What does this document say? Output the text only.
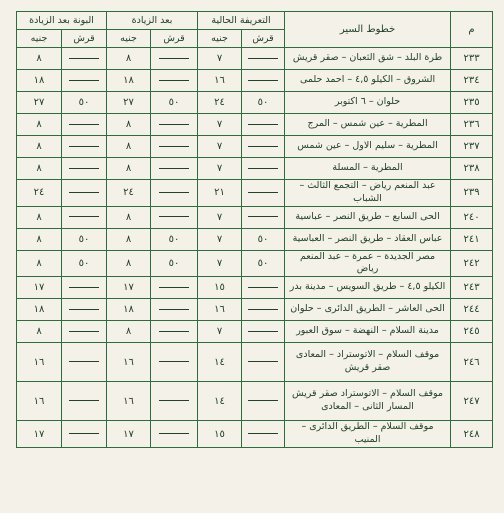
م	خطوط السير	التعريفة الحالية		بعد الزيادة		البونة بعد الزيادة	
		قرش	جنيه	قرش	جنيه	قرش	جنيه
٢٣٣	طرة البلد – شق الثعبان – صقر قريش		٧		٨		٨
٢٣٤	الشروق – الكيلو ٤,٥ – احمد حلمى		١٦		١٨		١٨
٢٣٥	حلوان – ٦ اكتوبر	٥٠	٢٤	٥٠	٢٧	٥٠	٢٧
٢٣٦	المطرية – عين شمس – المرج		٧		٨		٨
٢٣٧	المطرية – سليم الاول – عين شمس		٧		٨		٨
٢٣٨	المطرية – المسلة		٧		٨		٨
٢٣٩	عبد المنعم رياض – التجمع الثالث – الشباب		٢١		٢٤		٢٤
٢٤٠	الحى السابع – طريق النصر – عباسية		٧		٨		٨
٢٤١	عباس العقاد – طريق النصر – العباسية	٥٠	٧	٥٠	٨	٥٠	٨
٢٤٢	مصر الجديدة – عمرة – عبد المنعم رياض	٥٠	٧	٥٠	٨	٥٠	٨
٢٤٣	الكيلو ٤,٥ – طريق السويس – مدينة بدر		١٥		١٧		١٧
٢٤٤	الحى العاشر – الطريق الدائرى – حلوان		١٦		١٨		١٨
٢٤٥	مدينة السلام – النهضة – سوق العبور		٧		٨		٨
٢٤٦	موقف السلام – الاتوستراد – المعادى صقر قريش		١٤		١٦		١٦
٢٤٧	موقف السلام – الاتوستراد صقر قريش المسار الثانى – المعادى		١٤		١٦		١٦
٢٤٨	موقف السلام – الطريق الدائرى – المنيب		١٥		١٧		١٧
